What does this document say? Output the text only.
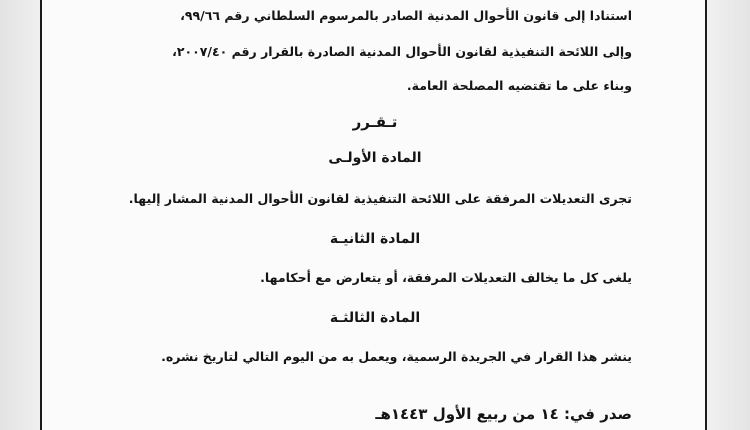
استنادا إلى قانون الأحوال المدنية الصادر بالمرسوم السلطاني رقم ٩٩/٦٦،
وإلى اللائحة التنفيذية لقانون الأحوال المدنية الصادرة بالقرار رقم ٢٠٠٧/٤٠،
وبناء على ما تقتضيه المصلحة العامة.
تـقـرر
المادة الأولـى
تجرى التعديلات المرفقة على اللائحة التنفيذية لقانون الأحوال المدنية المشار إليها.
المادة الثانيـة
يلغى كل ما يخالف التعديلات المرفقة، أو يتعارض مع أحكامها.
المادة الثالثـة
ينشر هذا القرار في الجريدة الرسمية، ويعمل به من اليوم التالي لتاريخ نشره.
صدر في: ١٤ من ربيع الأول ١٤٤٣هـ
